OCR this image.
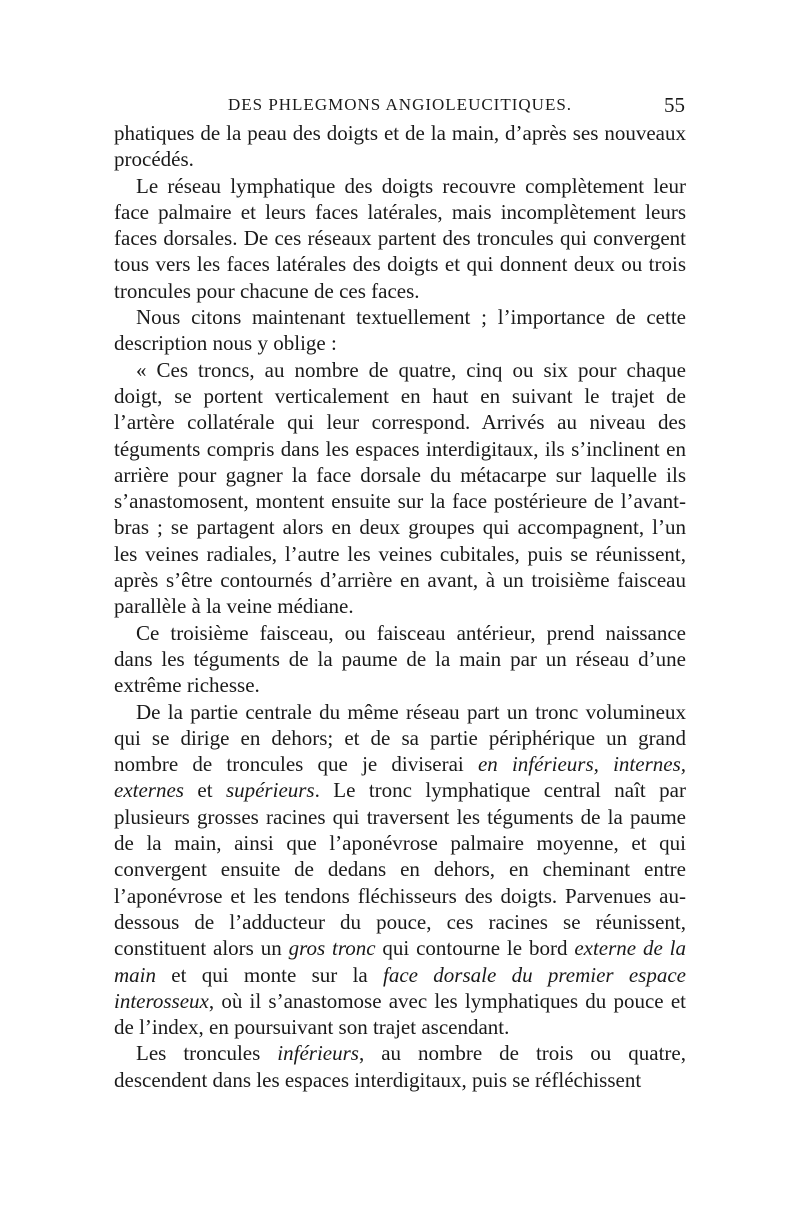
DES PHLEGMONS ANGIOLEUCITIQUES.	55

phatiques de la peau des doigts et de la main, d’après ses nouveaux procédés.

Le réseau lymphatique des doigts recouvre complètement leur face palmaire et leurs faces latérales, mais incomplètement leurs faces dorsales. De ces réseaux partent des troncules qui convergent tous vers les faces latérales des doigts et qui donnent deux ou trois troncules pour chacune de ces faces.

Nous citons maintenant textuellement ; l’importance de cette description nous y oblige :

« Ces troncs, au nombre de quatre, cinq ou six pour chaque doigt, se portent verticalement en haut en suivant le trajet de l’artère collatérale qui leur correspond. Arrivés au niveau des téguments compris dans les espaces interdigitaux, ils s’inclinent en arrière pour gagner la face dorsale du métacarpe sur laquelle ils s’anastomosent, montent ensuite sur la face postérieure de l’avant-bras ; se partagent alors en deux groupes qui accompagnent, l’un les veines radiales, l’autre les veines cubitales, puis se réunissent, après s’être contournés d’arrière en avant, à un troisième faisceau parallèle à la veine médiane.

Ce troisième faisceau, ou faisceau antérieur, prend naissance dans les téguments de la paume de la main par un réseau d’une extrême richesse.

De la partie centrale du même réseau part un tronc volumineux qui se dirige en dehors; et de sa partie périphérique un grand nombre de troncules que je diviserai en inférieurs, internes, externes et supérieurs. Le tronc lymphatique central naît par plusieurs grosses racines qui traversent les téguments de la paume de la main, ainsi que l’aponévrose palmaire moyenne, et qui convergent ensuite de dedans en dehors, en cheminant entre l’aponévrose et les tendons fléchisseurs des doigts. Parvenues au-dessous de l’adducteur du pouce, ces racines se réunissent, constituent alors un gros tronc qui contourne le bord externe de la main et qui monte sur la face dorsale du premier espace interosseux, où il s’anastomose avec les lymphatiques du pouce et de l’index, en poursuivant son trajet ascendant.

Les troncules inférieurs, au nombre de trois ou quatre, descendent dans les espaces interdigitaux, puis se réfléchissent
